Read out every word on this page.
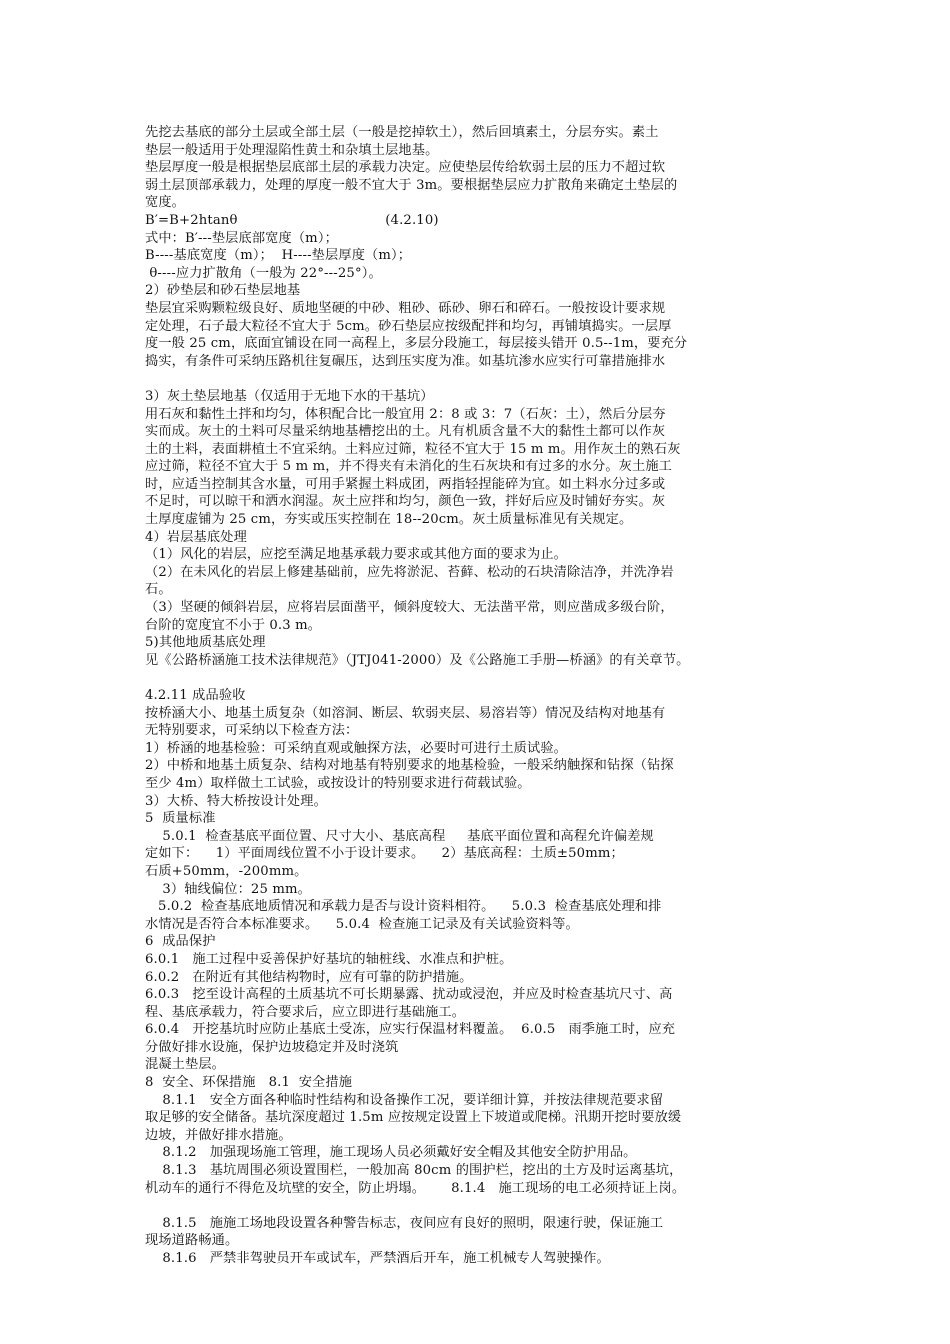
先挖去基底的部分土层或全部土层（一般是挖掉软土），然后回填素土，分层夯实。素土
垫层一般适用于处理湿陷性黄土和杂填土层地基。
垫层厚度一般是根据垫层底部土层的承载力决定。应使垫层传给软弱土层的压力不超过软
弱土层顶部承载力，处理的厚度一般不宜大于 3m。要根据垫层应力扩散角来确定土垫层的
宽度。
B′=B+2htanθ                                  (4.2.10)
式中：B′---垫层底部宽度（m）；
B----基底宽度（m）；  H----垫层厚度（m）；
θ----应力扩散角（一般为 22°---25°）。
2）砂垫层和砂石垫层地基
垫层宜采购颗粒级良好、质地坚硬的中砂、粗砂、砾砂、卵石和碎石。一般按设计要求规
定处理，石子最大粒径不宜大于 5cm。砂石垫层应按级配拌和均匀，再铺填捣实。一层厚
度一般 25 cm，底面宜铺设在同一高程上，多层分段施工，每层接头错开 0.5--1m，要充分
捣实，有条件可采纳压路机往复碾压，达到压实度为准。如基坑渗水应实行可靠措施排水
3）灰土垫层地基（仅适用于无地下水的干基坑）
用石灰和黏性土拌和均匀，体积配合比一般宜用 2：8 或 3：7（石灰：土），然后分层夯
实而成。灰土的土料可尽量采纳地基槽挖出的土。凡有机质含量不大的黏性土都可以作灰
土的土料，表面耕植土不宜采纳。土料应过筛，粒径不宜大于 15 m m。用作灰土的熟石灰
应过筛，粒径不宜大于 5 m m，并不得夹有未消化的生石灰块和有过多的水分。灰土施工
时，应适当控制其含水量，可用手紧握土料成团，两指轻捏能碎为宜。如土料水分过多或
不足时，可以晾干和洒水润湿。灰土应拌和均匀，颜色一致，拌好后应及时铺好夯实。灰
土厚度虚铺为 25 cm，夯实或压实控制在 18--20cm。灰土质量标准见有关规定。
4）岩层基底处理
（1）风化的岩层，应挖至满足地基承载力要求或其他方面的要求为止。
（2）在未风化的岩层上修建基础前，应先将淤泥、苔藓、松动的石块清除洁净，并洗净岩
石。
（3）坚硬的倾斜岩层，应将岩层面凿平，倾斜度较大、无法凿平常，则应凿成多级台阶，
台阶的宽度宜不小于 0.3 m。
5)其他地质基底处理
见《公路桥涵施工技术法律规范》（JTJ041-2000）及《公路施工手册—桥涵》的有关章节。
4.2.11 成品验收
按桥涵大小、地基土质复杂（如溶洞、断层、软弱夹层、易溶岩等）情况及结构对地基有
无特别要求，可采纳以下检查方法：
1）桥涵的地基检验：可采纳直观或触探方法，必要时可进行土质试验。
2）中桥和地基土质复杂、结构对地基有特别要求的地基检验，一般采纳触探和钻探（钻探
至少 4m）取样做土工试验，或按设计的特别要求进行荷载试验。
3）大桥、特大桥按设计处理。
5  质量标准
5.0.1  检查基底平面位置、尺寸大小、基底高程     基底平面位置和高程允许偏差规
定如下：    1）平面周线位置不小于设计要求。    2）基底高程：土质±50mm；
石质+50mm，-200mm。
3）轴线偏位：25 mm。
5.0.2  检查基底地质情况和承载力是否与设计资料相符。    5.0.3  检查基底处理和排
水情况是否符合本标准要求。    5.0.4  检查施工记录及有关试验资料等。
6  成品保护
6.0.1   施工过程中妥善保护好基坑的轴桩线、水准点和护桩。
6.0.2   在附近有其他结构物时，应有可靠的防护措施。
6.0.3   挖至设计高程的土质基坑不可长期暴露、扰动或浸泡，并应及时检查基坑尺寸、高
程、基底承载力，符合要求后，应立即进行基础施工。
6.0.4   开挖基坑时应防止基底土受冻，应实行保温材料覆盖。  6.0.5   雨季施工时，应充
分做好排水设施，保护边坡稳定并及时浇筑
混凝土垫层。
8  安全、环保措施   8.1  安全措施
8.1.1   安全方面各种临时性结构和设备操作工况，要详细计算，并按法律规范要求留
取足够的安全储备。基坑深度超过 1.5m 应按规定设置上下坡道或爬梯。汛期开挖时要放缓
边坡，并做好排水措施。
8.1.2   加强现场施工管理，施工现场人员必须戴好安全帽及其他安全防护用品。
8.1.3   基坑周围必须设置围栏，一般加高 80cm 的围护栏，挖出的土方及时运离基坑，
机动车的通行不得危及坑壁的安全，防止坍塌。      8.1.4   施工现场的电工必须持证上岗。
8.1.5   施施工场地段设置各种警告标志，夜间应有良好的照明，限速行驶，保证施工
现场道路畅通。
8.1.6   严禁非驾驶员开车或试车，严禁酒后开车，施工机械专人驾驶操作。
